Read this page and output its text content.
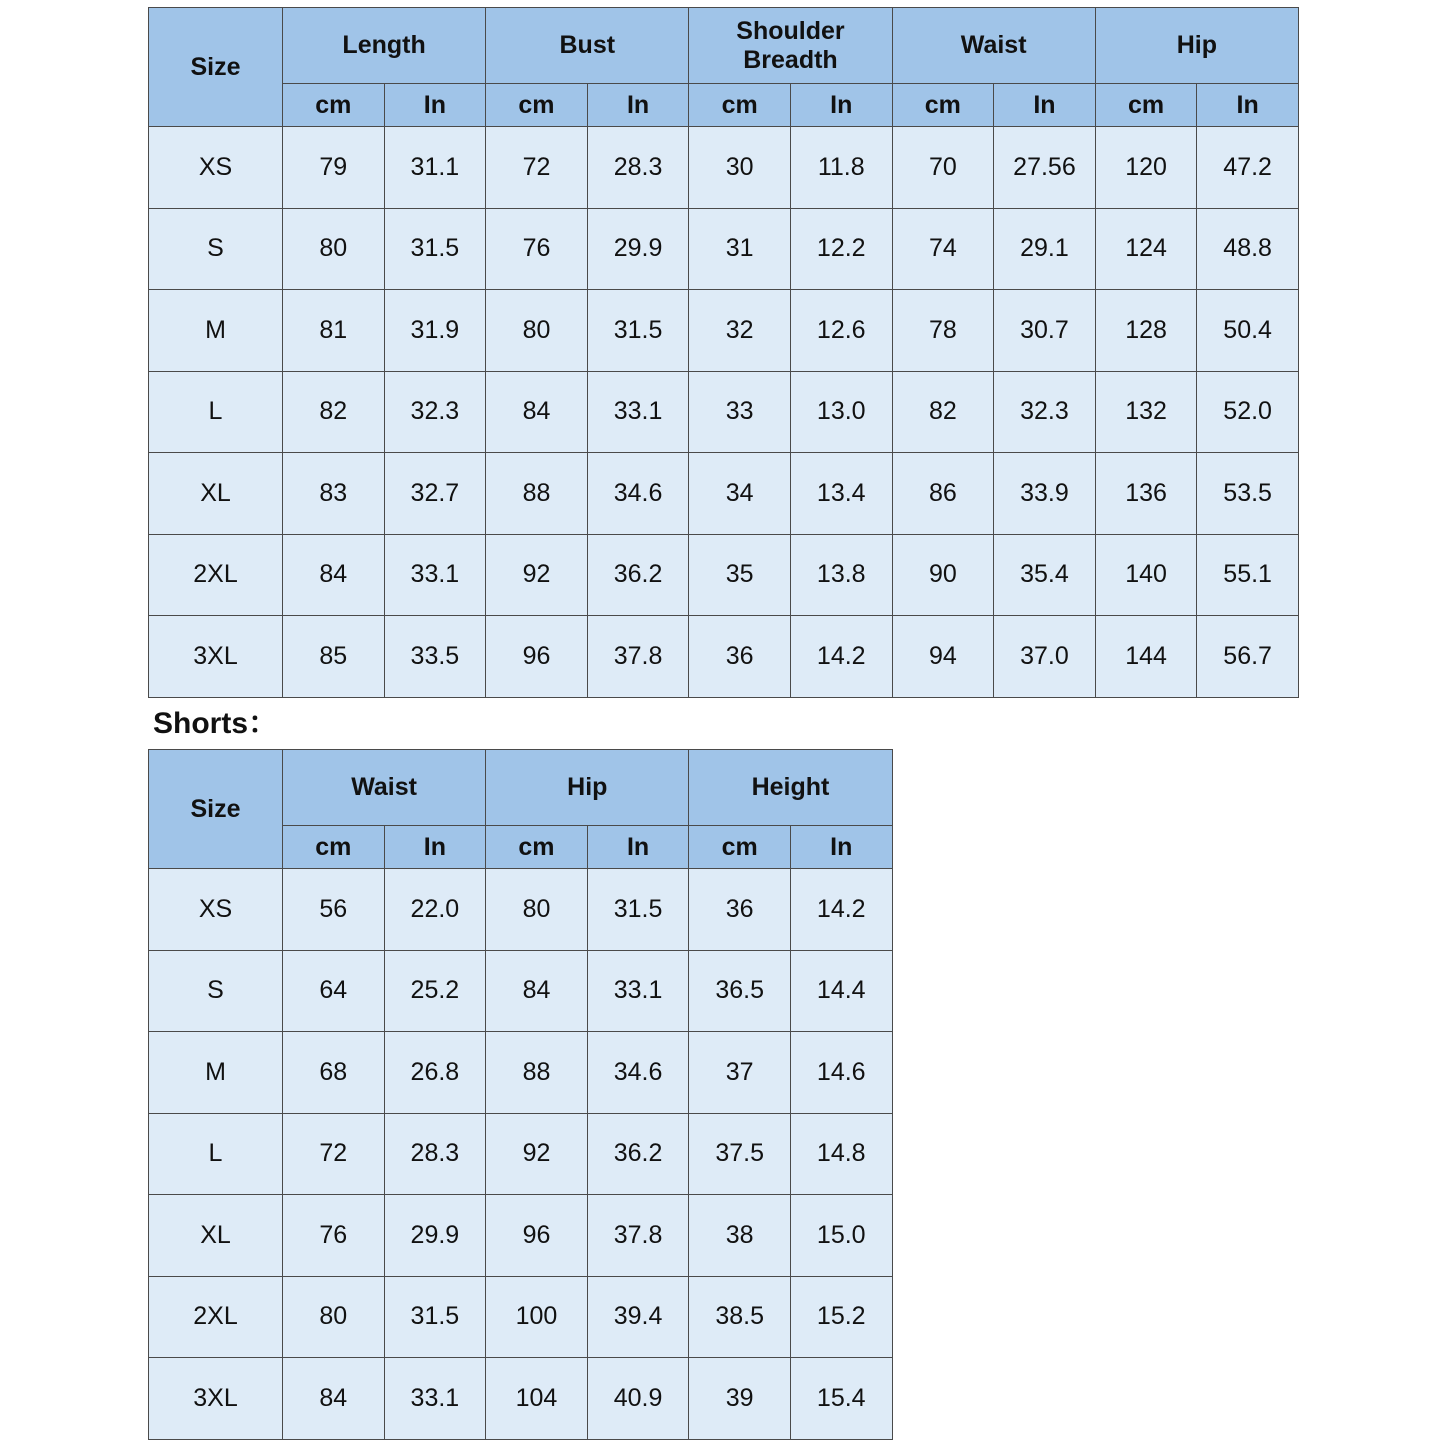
Size	Length		Bust		Shoulder Breadth		Waist		Hip	
	cm	In	cm	In	cm	In	cm	In	cm	In
XS	79	31.1	72	28.3	30	11.8	70	27.56	120	47.2
S	80	31.5	76	29.9	31	12.2	74	29.1	124	48.8
M	81	31.9	80	31.5	32	12.6	78	30.7	128	50.4
L	82	32.3	84	33.1	33	13.0	82	32.3	132	52.0
XL	83	32.7	88	34.6	34	13.4	86	33.9	136	53.5
2XL	84	33.1	92	36.2	35	13.8	90	35.4	140	55.1
3XL	85	33.5	96	37.8	36	14.2	94	37.0	144	56.7
Shorts：
Size	Waist		Hip		Height	
	cm	In	cm	In	cm	In
XS	56	22.0	80	31.5	36	14.2
S	64	25.2	84	33.1	36.5	14.4
M	68	26.8	88	34.6	37	14.6
L	72	28.3	92	36.2	37.5	14.8
XL	76	29.9	96	37.8	38	15.0
2XL	80	31.5	100	39.4	38.5	15.2
3XL	84	33.1	104	40.9	39	15.4
